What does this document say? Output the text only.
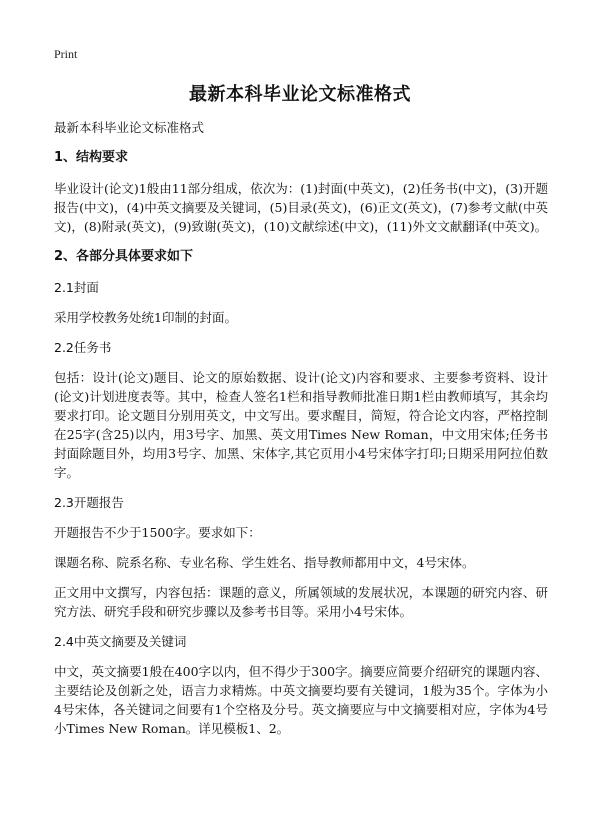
Print
最新本科毕业论文标准格式

最新本科毕业论文标准格式

1、结构要求

毕业设计(论文)1般由11部分组成，依次为：(1)封面(中英文)，(2)任务书(中文)，(3)开题报告(中文)，(4)中英文摘要及关键词，(5)目录(英文)，(6)正文(英文)，(7)参考文献(中英文)，(8)附录(英文)，(9)致谢(英文)，(10)文献综述(中文)，(11)外文文献翻译(中英文)。

2、各部分具体要求如下
2.1封面

采用学校教务处统1印制的封面。

2.2任务书

包括：设计(论文)题目、论文的原始数据、设计(论文)内容和要求、主要参考资料、设计(论文)计划进度表等。其中，检查人签名1栏和指导教师批准日期1栏由教师填写，其余均要求打印。论文题目分别用英文，中文写出。要求醒目，简短，符合论文内容，严格控制在25字(含25)以内，用3号字、加黑、英文用Times New Roman，中文用宋体;任务书封面除题目外，均用3号字、加黑、宋体字,其它页用小4号宋体字打印;日期采用阿拉伯数字。

2.3开题报告

开题报告不少于1500字。要求如下：

课题名称、院系名称、专业名称、学生姓名、指导教师都用中文，4号宋体。

正文用中文撰写，内容包括：课题的意义，所属领域的发展状况，本课题的研究内容、研究方法、研究手段和研究步骤以及参考书目等。采用小4号宋体。

2.4中英文摘要及关键词

中文，英文摘要1般在400字以内，但不得少于300字。摘要应简要介绍研究的课题内容、主要结论及创新之处，语言力求精炼。中英文摘要均要有关键词，1般为35个。字体为小4号宋体，各关键词之间要有1个空格及分号。英文摘要应与中文摘要相对应，字体为4号小Times New Roman。详见模板1、2。
